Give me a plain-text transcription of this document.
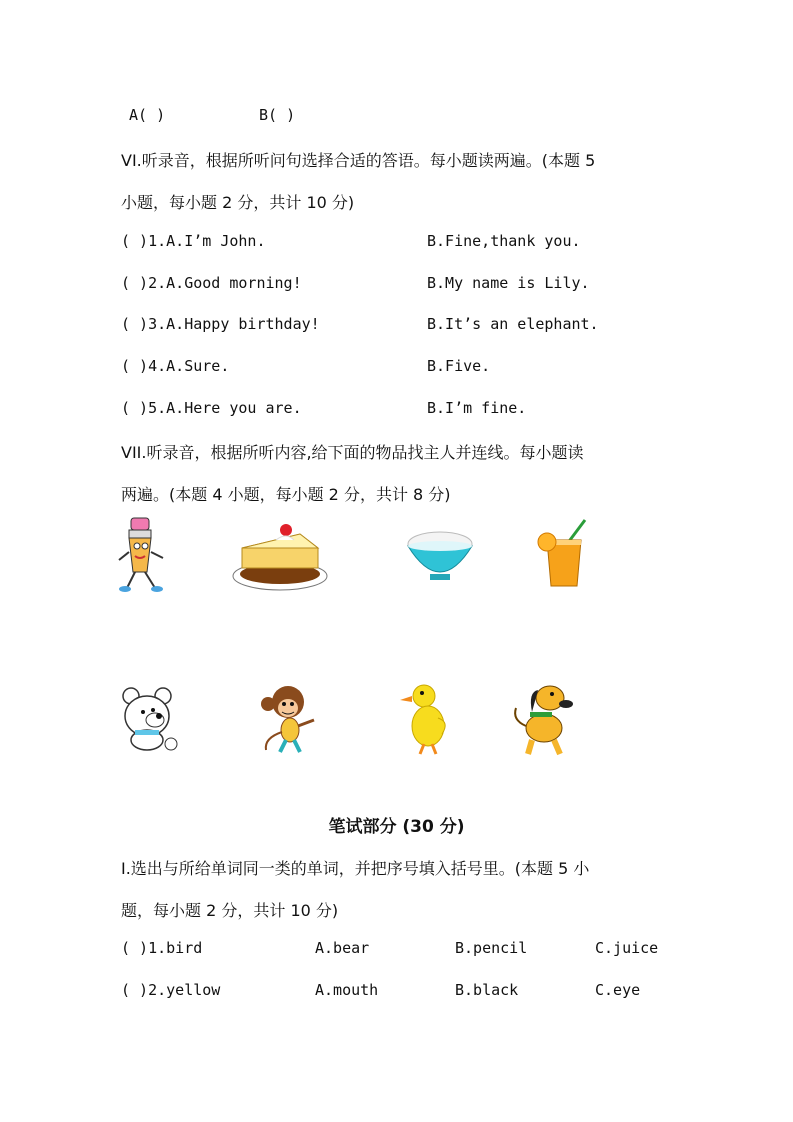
A( )	B( )
VI.听录音，根据所听问句选择合适的答语。每小题读两遍。(本题 5
小题，每小题 2 分，共计 10 分)
( )1.A.I’m John.	B.Fine,thank you.
( )2.A.Good morning!	B.My name is Lily.
( )3.A.Happy birthday!	B.It’s an elephant.
( )4.A.Sure.	B.Five.
( )5.A.Here you are.	B.I’m fine.
VII.听录音，根据所听内容,给下面的物品找主人并连线。每小题读
两遍。(本题 4 小题，每小题 2 分，共计 8 分)
笔试部分 (30 分)
I.选出与所给单词同一类的单词，并把序号填入括号里。(本题 5 小
题，每小题 2 分，共计 10 分)
( )1.bird	A.bear	B.pencil	C.juice
( )2.yellow	A.mouth	B.black	C.eye
